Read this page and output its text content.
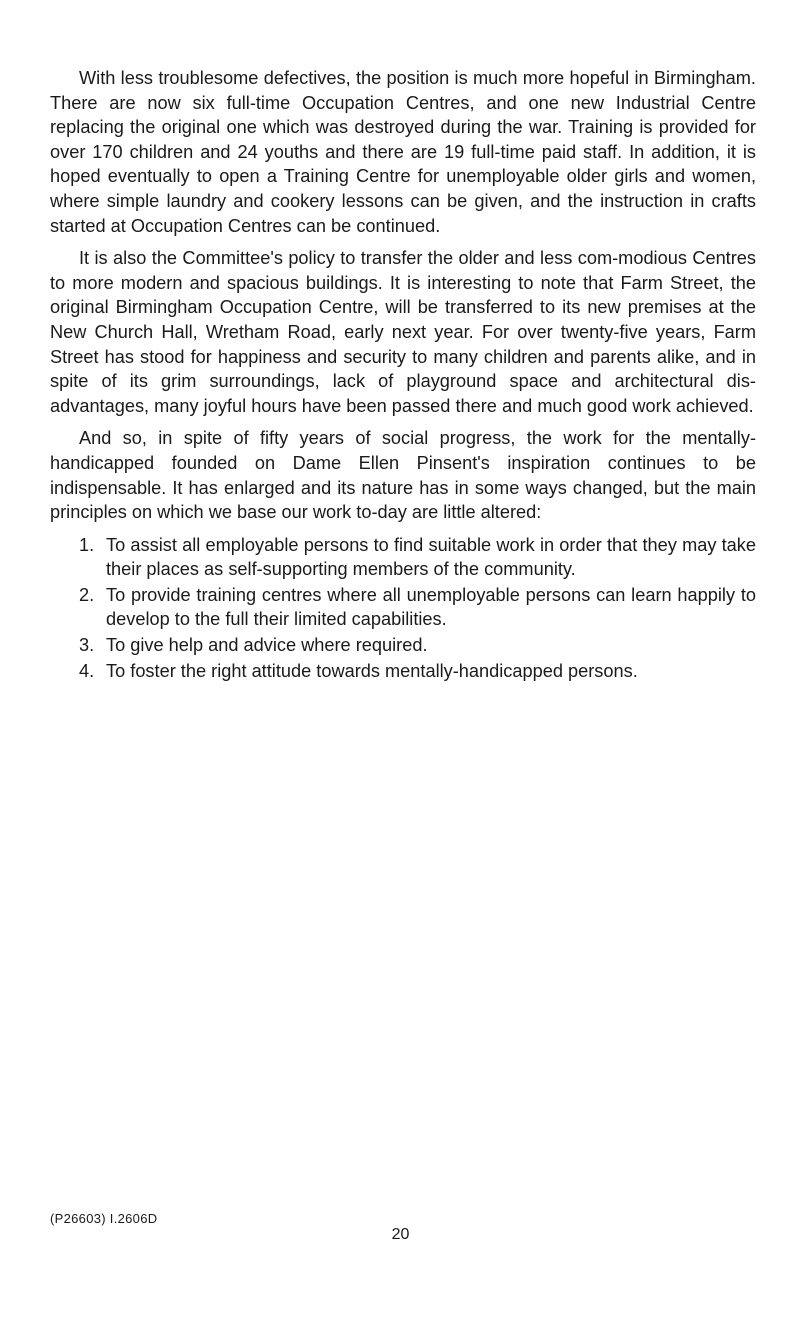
With less troublesome defectives, the position is much more hopeful in Birmingham. There are now six full-time Occupation Centres, and one new Industrial Centre replacing the original one which was destroyed during the war. Training is provided for over 170 children and 24 youths and there are 19 full-time paid staff. In addition, it is hoped eventually to open a Training Centre for unemployable older girls and women, where simple laundry and cookery lessons can be given, and the instruction in crafts started at Occupation Centres can be continued.

It is also the Committee's policy to transfer the older and less com-modious Centres to more modern and spacious buildings. It is interesting to note that Farm Street, the original Birmingham Occupation Centre, will be transferred to its new premises at the New Church Hall, Wretham Road, early next year. For over twenty-five years, Farm Street has stood for happiness and security to many children and parents alike, and in spite of its grim surroundings, lack of playground space and architectural dis-advantages, many joyful hours have been passed there and much good work achieved.

And so, in spite of fifty years of social progress, the work for the mentally-handicapped founded on Dame Ellen Pinsent's inspiration continues to be indispensable. It has enlarged and its nature has in some ways changed, but the main principles on which we base our work to-day are little altered:

1. To assist all employable persons to find suitable work in order that they may take their places as self-supporting members of the community.
2. To provide training centres where all unemployable persons can learn happily to develop to the full their limited capabilities.
3. To give help and advice where required.
4. To foster the right attitude towards mentally-handicapped persons.
(P26603) I.2606D
20
